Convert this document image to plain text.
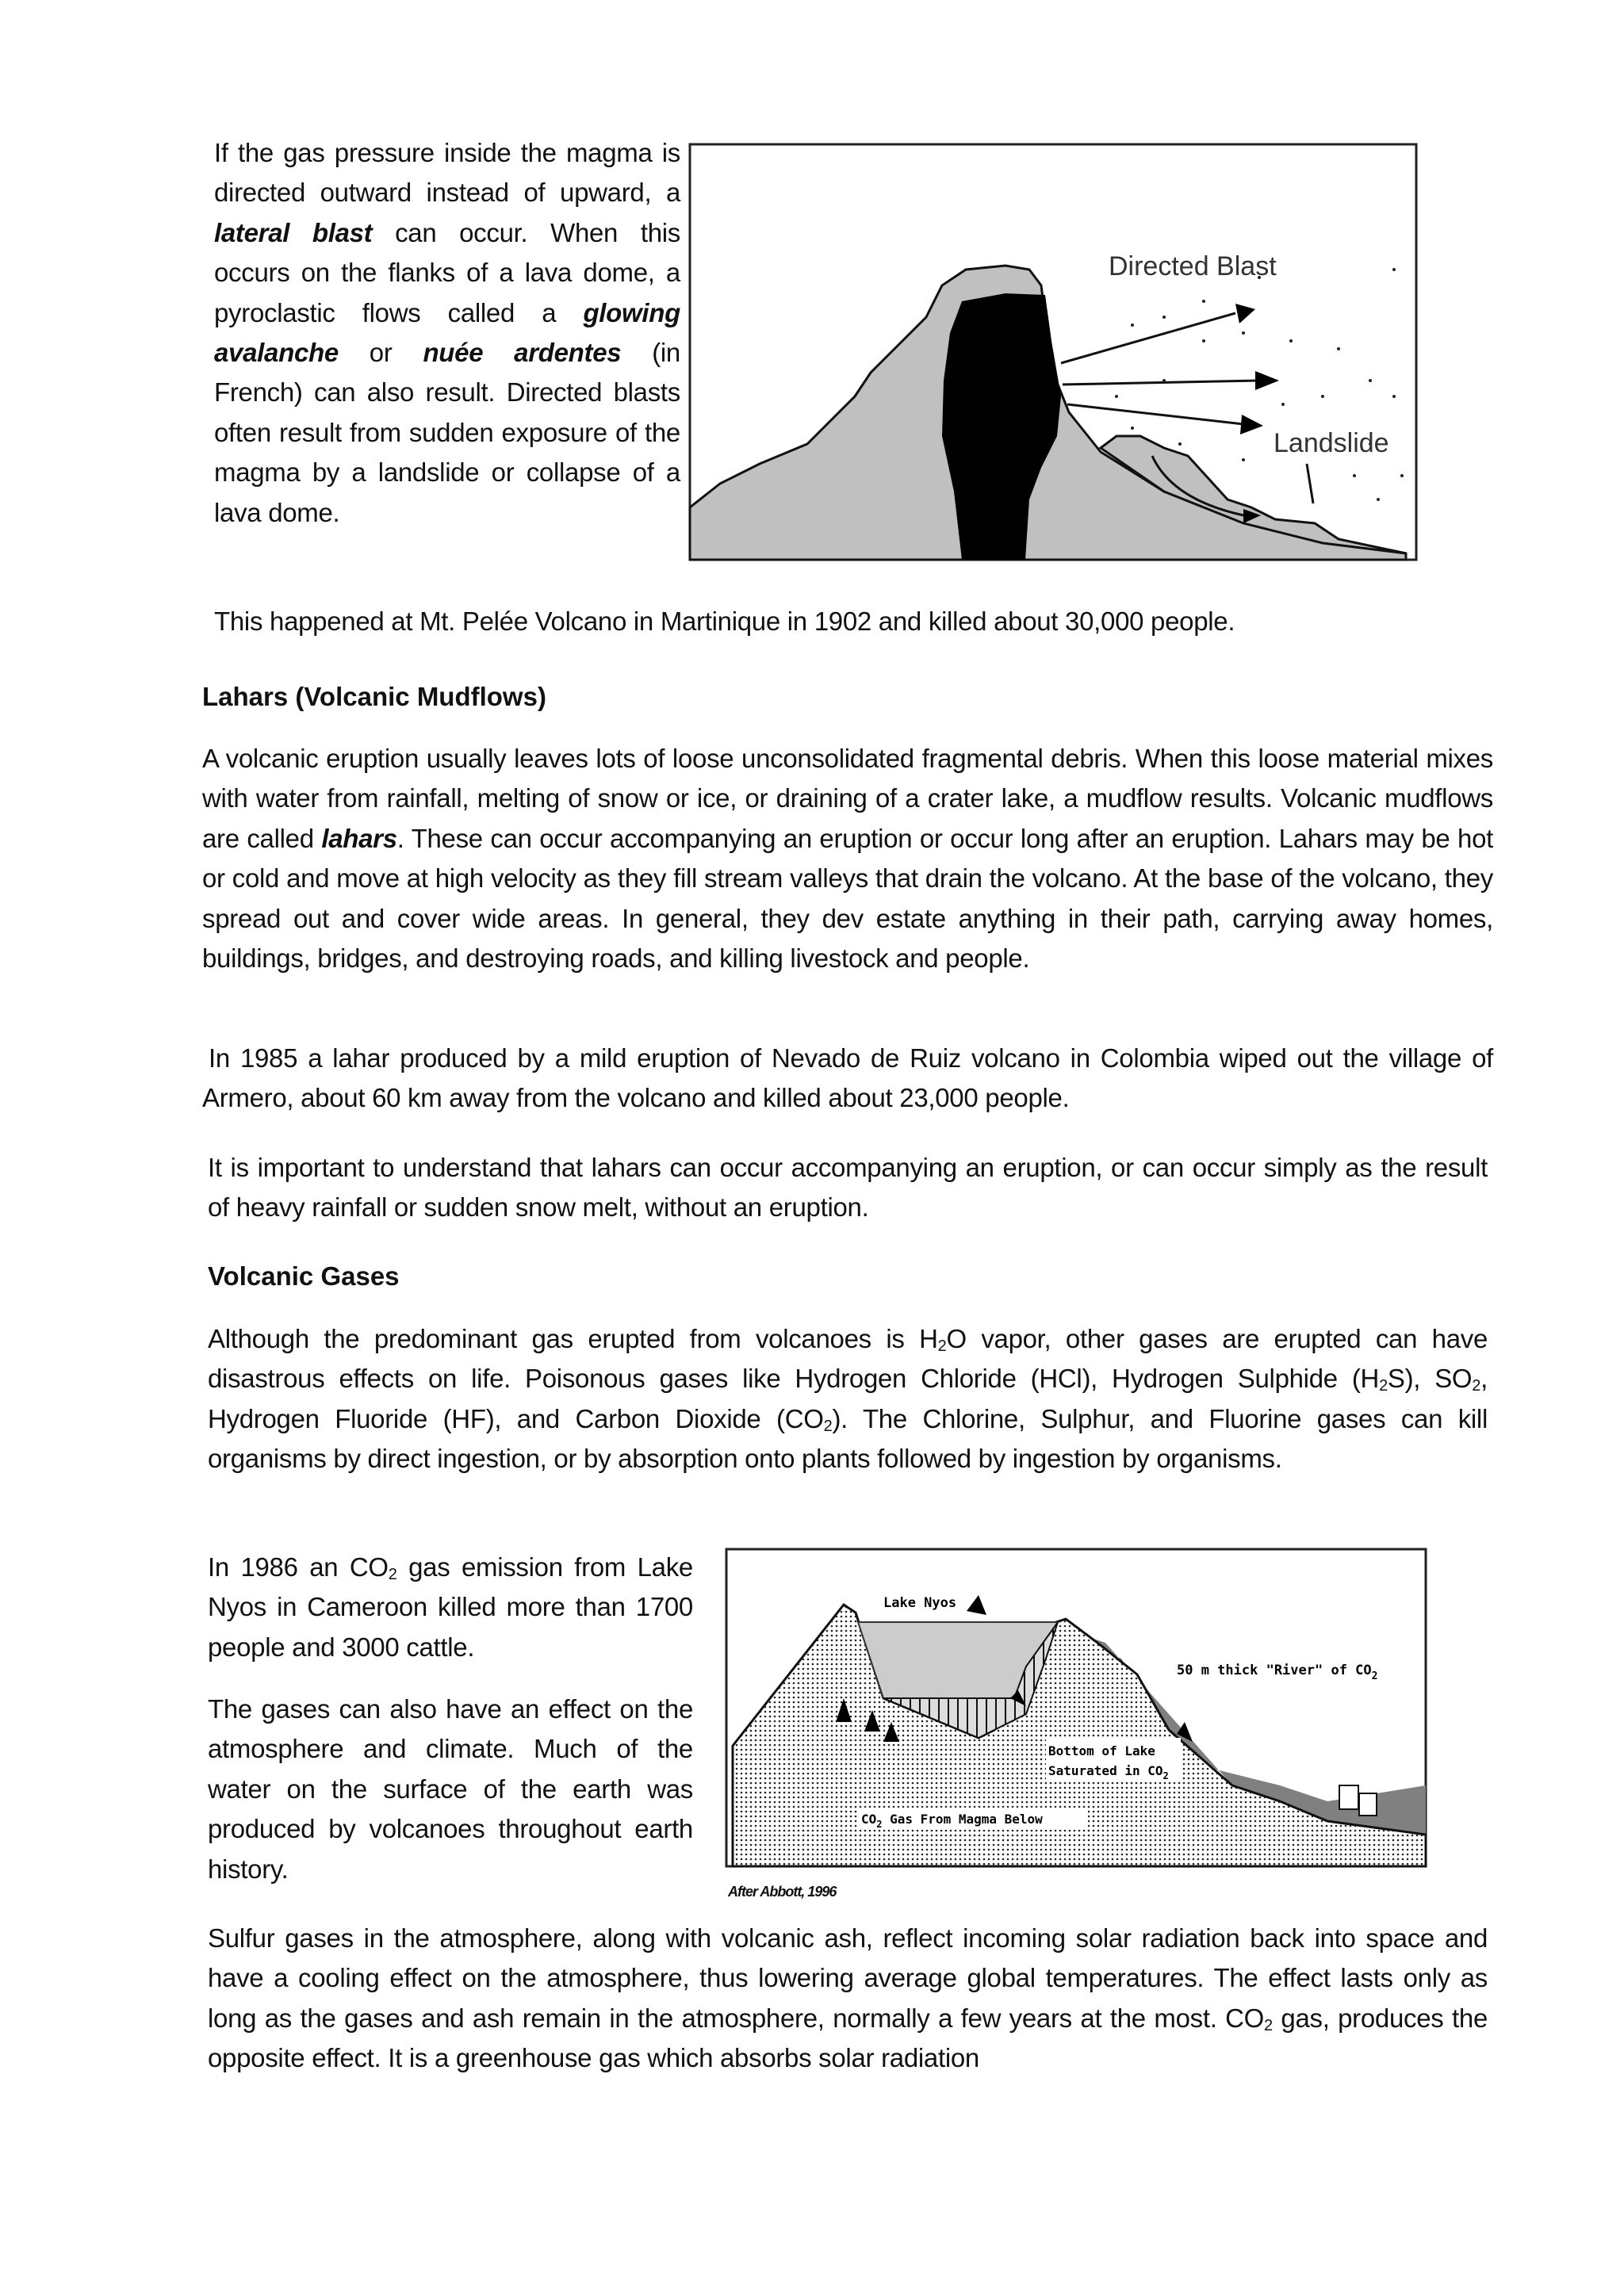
If the gas pressure inside the magma is directed outward instead of upward, a lateral blast can occur. When this occurs on the flanks of a lava dome, a pyroclastic flows called a glowing avalanche or nuée ardentes (in French) can also result. Directed blasts often result from sudden exposure of the magma by a landslide or collapse of a lava dome.
Directed Blast
Landslide
This happened at Mt. Pelée Volcano in Martinique in 1902 and killed about 30,000 people.
Lahars (Volcanic Mudflows)
A volcanic eruption usually leaves lots of loose unconsolidated fragmental debris. When this loose material mixes with water from rainfall, melting of snow or ice, or draining of a crater lake, a mudflow results. Volcanic mudflows are called lahars. These can occur accompanying an eruption or occur long after an eruption. Lahars may be hot or cold and move at high velocity as they fill stream valleys that drain the volcano. At the base of the volcano, they spread out and cover wide areas. In general, they dev estate anything in their path, carrying away homes, buildings, bridges, and destroying roads, and killing livestock and people.
In 1985 a lahar produced by a mild eruption of Nevado de Ruiz volcano in Colombia wiped out the village of Armero, about 60 km away from the volcano and killed about 23,000 people.
It is important to understand that lahars can occur accompanying an eruption, or can occur simply as the result of heavy rainfall or sudden snow melt, without an eruption.
Volcanic Gases
Although the predominant gas erupted from volcanoes is $H_2O$ vapor, other gases are erupted can have disastrous effects on life. Poisonous gases like Hydrogen Chloride (HCl), Hydrogen Sulphide $(H_2S)$, $SO_2$, Hydrogen Fluoride (HF), and Carbon Dioxide $(CO_2)$. The Chlorine, Sulphur, and Fluorine gases can kill organisms by direct ingestion, or by absorption onto plants followed by ingestion by organisms.
In 1986 an $CO_2$ gas emission from Lake Nyos in Cameroon killed more than 1700 people and 3000 cattle.
The gases can also have an effect on the atmosphere and climate. Much of the water on the surface of the earth was produced by volcanoes throughout earth history.
Lake Nyos
50 m thick "River" of $CO_2$
Bottom of Lake
Saturated in $CO_2$
$CO_2$ Gas From Magma Below
After Abbott, 1996
Sulfur gases in the atmosphere, along with volcanic ash, reflect incoming solar radiation back into space and have a cooling effect on the atmosphere, thus lowering average global temperatures. The effect lasts only as long as the gases and ash remain in the atmosphere, normally a few years at the most. $CO_2$ gas, produces the opposite effect. It is a greenhouse gas which absorbs solar radiation
